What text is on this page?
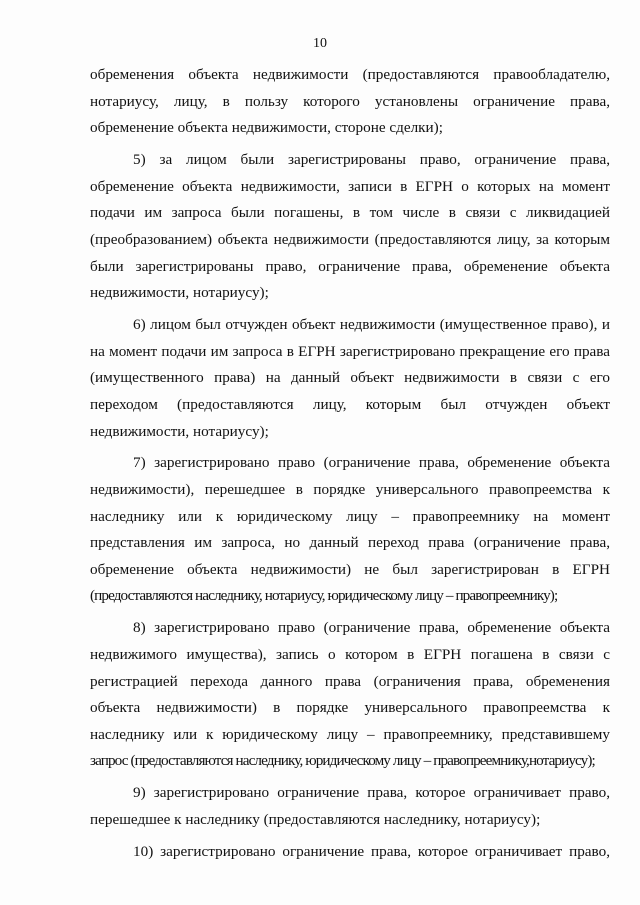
10

обременения объекта недвижимости (предоставляются правообладателю, нотариусу, лицу, в пользу которого установлены ограничение права, обременение объекта недвижимости, стороне сделки);

5) за лицом были зарегистрированы право, ограничение права, обременение объекта недвижимости, записи в ЕГРН о которых на момент подачи им запроса были погашены, в том числе в связи с ликвидацией (преобразованием) объекта недвижимости (предоставляются лицу, за которым были зарегистрированы право, ограничение права, обременение объекта недвижимости, нотариусу);

6) лицом был отчужден объект недвижимости (имущественное право), и на момент подачи им запроса в ЕГРН зарегистрировано прекращение его права (имущественного права) на данный объект недвижимости в связи с его переходом (предоставляются лицу, которым был отчужден объект недвижимости, нотариусу);

7) зарегистрировано право (ограничение права, обременение объекта недвижимости), перешедшее в порядке универсального правопреемства к наследнику или к юридическому лицу – правопреемнику на момент представления им запроса, но данный переход права (ограничение права, обременение объекта недвижимости) не был зарегистрирован в ЕГРН (предоставляются наследнику, нотариусу, юридическому лицу – правопреемнику);

8) зарегистрировано право (ограничение права, обременение объекта недвижимого имущества), запись о котором в ЕГРН погашена в связи с регистрацией перехода данного права (ограничения права, обременения объекта недвижимости) в порядке универсального правопреемства к наследнику или к юридическому лицу – правопреемнику, представившему запрос (предоставляются наследнику, юридическому лицу – правопреемнику,нотариусу);

9) зарегистрировано ограничение права, которое ограничивает право, перешедшее к наследнику (предоставляются наследнику, нотариусу);

10) зарегистрировано ограничение права, которое ограничивает право,
